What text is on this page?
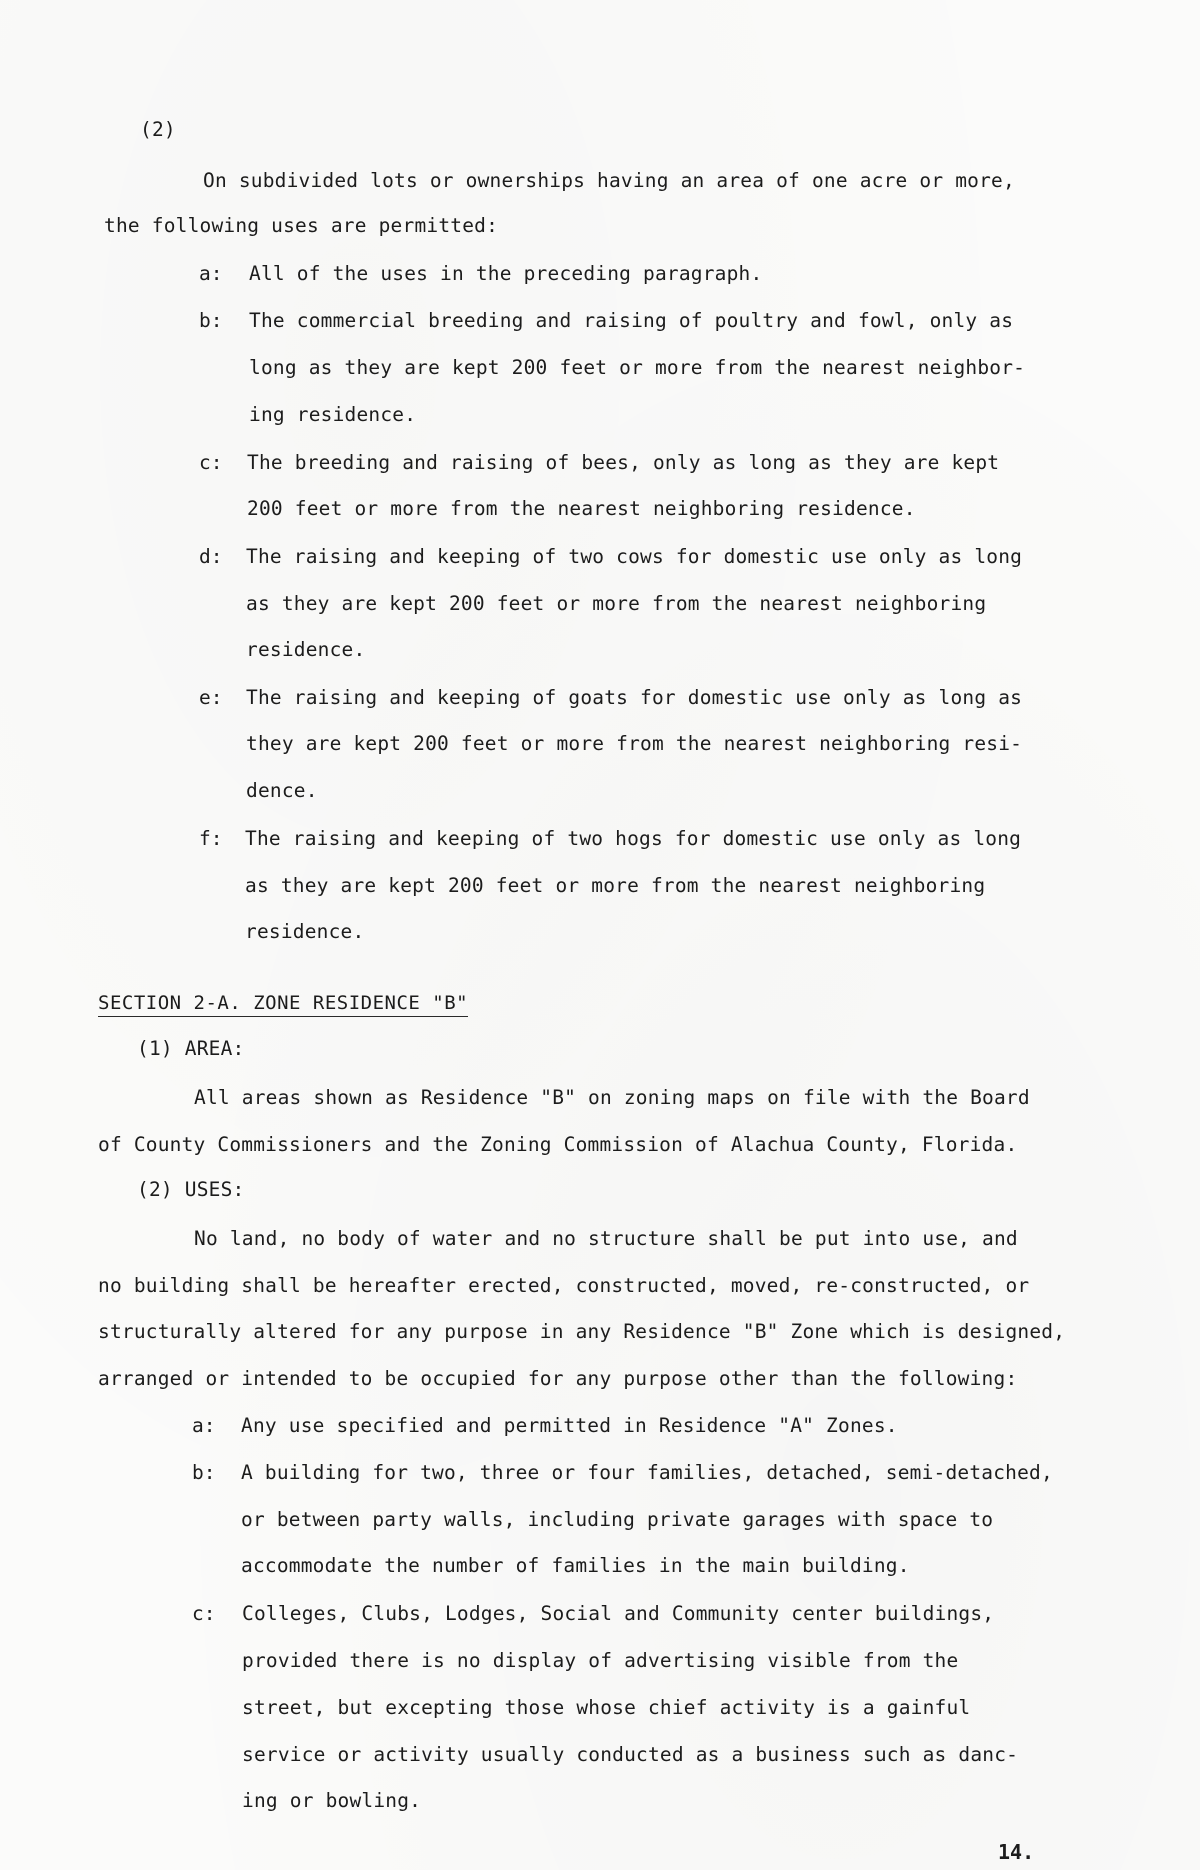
(2)
On subdivided lots or ownerships having an area of one acre or more,
the following uses are permitted:
a: All of the uses in the preceding paragraph.
b: The commercial breeding and raising of poultry and fowl, only as
long as they are kept 200 feet or more from the nearest neighbor-
ing residence.
c: The breeding and raising of bees, only as long as they are kept
200 feet or more from the nearest neighboring residence.
d: The raising and keeping of two cows for domestic use only as long
as they are kept 200 feet or more from the nearest neighboring
residence.
e: The raising and keeping of goats for domestic use only as long as
they are kept 200 feet or more from the nearest neighboring resi-
dence.
f: The raising and keeping of two hogs for domestic use only as long
as they are kept 200 feet or more from the nearest neighboring
residence.
SECTION 2-A. ZONE RESIDENCE "B"
(1) AREA:
All areas shown as Residence "B" on zoning maps on file with the Board
of County Commissioners and the Zoning Commission of Alachua County, Florida.
(2) USES:
No land, no body of water and no structure shall be put into use, and
no building shall be hereafter erected, constructed, moved, re-constructed, or
structurally altered for any purpose in any Residence "B" Zone which is designed,
arranged or intended to be occupied for any purpose other than the following:
a: Any use specified and permitted in Residence "A" Zones.
b: A building for two, three or four families, detached, semi-detached,
or between party walls, including private garages with space to
accommodate the number of families in the main building.
c: Colleges, Clubs, Lodges, Social and Community center buildings,
provided there is no display of advertising visible from the
street, but excepting those whose chief activity is a gainful
service or activity usually conducted as a business such as danc-
ing or bowling.
14.
